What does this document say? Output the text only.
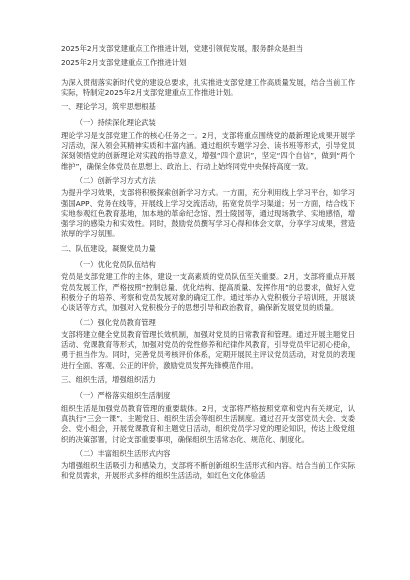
2025年2月支部党建重点工作推进计划，党建引领促发展，服务群众是担当

2025年2月支部党建重点工作推进计划

为深入贯彻落实新时代党的建设总要求，扎实推进支部党建工作高质量发展，结合当前工作实际，特制定2025年2月支部党建重点工作推进计划。

一、理论学习，筑牢思想根基

（一）持续深化理论武装

理论学习是支部党建工作的核心任务之一。2月，支部将重点围绕党的最新理论成果开展学习活动，深入领会其精神实质和丰富内涵。通过组织专题学习会、读书班等形式，引导党员深刻领悟党的创新理论对实践的指导意义，增强“四个意识”，坚定“四个自信”，做到“两个维护”，确保全体党员在思想上、政治上、行动上始终同党中央保持高度一致。

（二）创新学习方式方法

为提升学习效果，支部将积极探索创新学习方式。一方面，充分利用线上学习平台，如学习强国APP、党务在线等，开展线上学习交流活动，拓宽党员学习渠道；另一方面，结合线下实地参观红色教育基地，加本地的革命纪念馆、烈士陵园等，通过现场教学、实地感悟，增强学习的感染力和实效性。同时，鼓励党员撰写学习心得和体会文章，分享学习成果，营造浓厚的学习氛围。

二、队伍建设，凝聚党员力量

（一）优化党员队伍结构

党员是支部党建工作的主体，建设一支高素质的党员队伍至关重要。2月，支部将重点开展党员发展工作，严格按照“控制总量、优化结构、提高质量、发挥作用”的总要求，做好入党积极分子的培养、考察和党员发展对象的确定工作。通过举办入党积极分子培训班，开展谈心谈话等方式，加强对入党积极分子的思想引导和政治教育，确保新发展党员的质量。

（二）强化党员教育管理

支部将建立健全党员教育管理长效机制，加强对党员的日常教育和管理。通过开展主题党日活动、党课教育等形式，加强对党员的党性修养和纪律作风教育，引导党员牢记初心使命，勇于担当作为。同时，完善党员考核评价体系，定期开展民主评议党员活动，对党员的表现进行全面、客观、公正的评价，激励党员发挥先锋模范作用。

三、组织生活，增强组织活力

（一）严格落实组织生活制度

组织生活是加强党员教育管理的重要载体。2月，支部将严格按照党章和党内有关规定，认真执行“三会一课”、主题党日、组织生活会等组织生活制度。通过召开支部党员大会、支委会、党小组会，开展党课教育和主题党日活动，组织党员学习党的理论知识，传达上级党组织的决策部署，讨论支部重要事项，确保组织生活常态化、规范化、制度化。

（二）丰富组织生活形式内容

为增强组织生活吸引力和感染力，支部将不断创新组织生活形式和内容。结合当前工作实际和党员需求，开展形式多样的组织生活活动，如红色文化体验活
